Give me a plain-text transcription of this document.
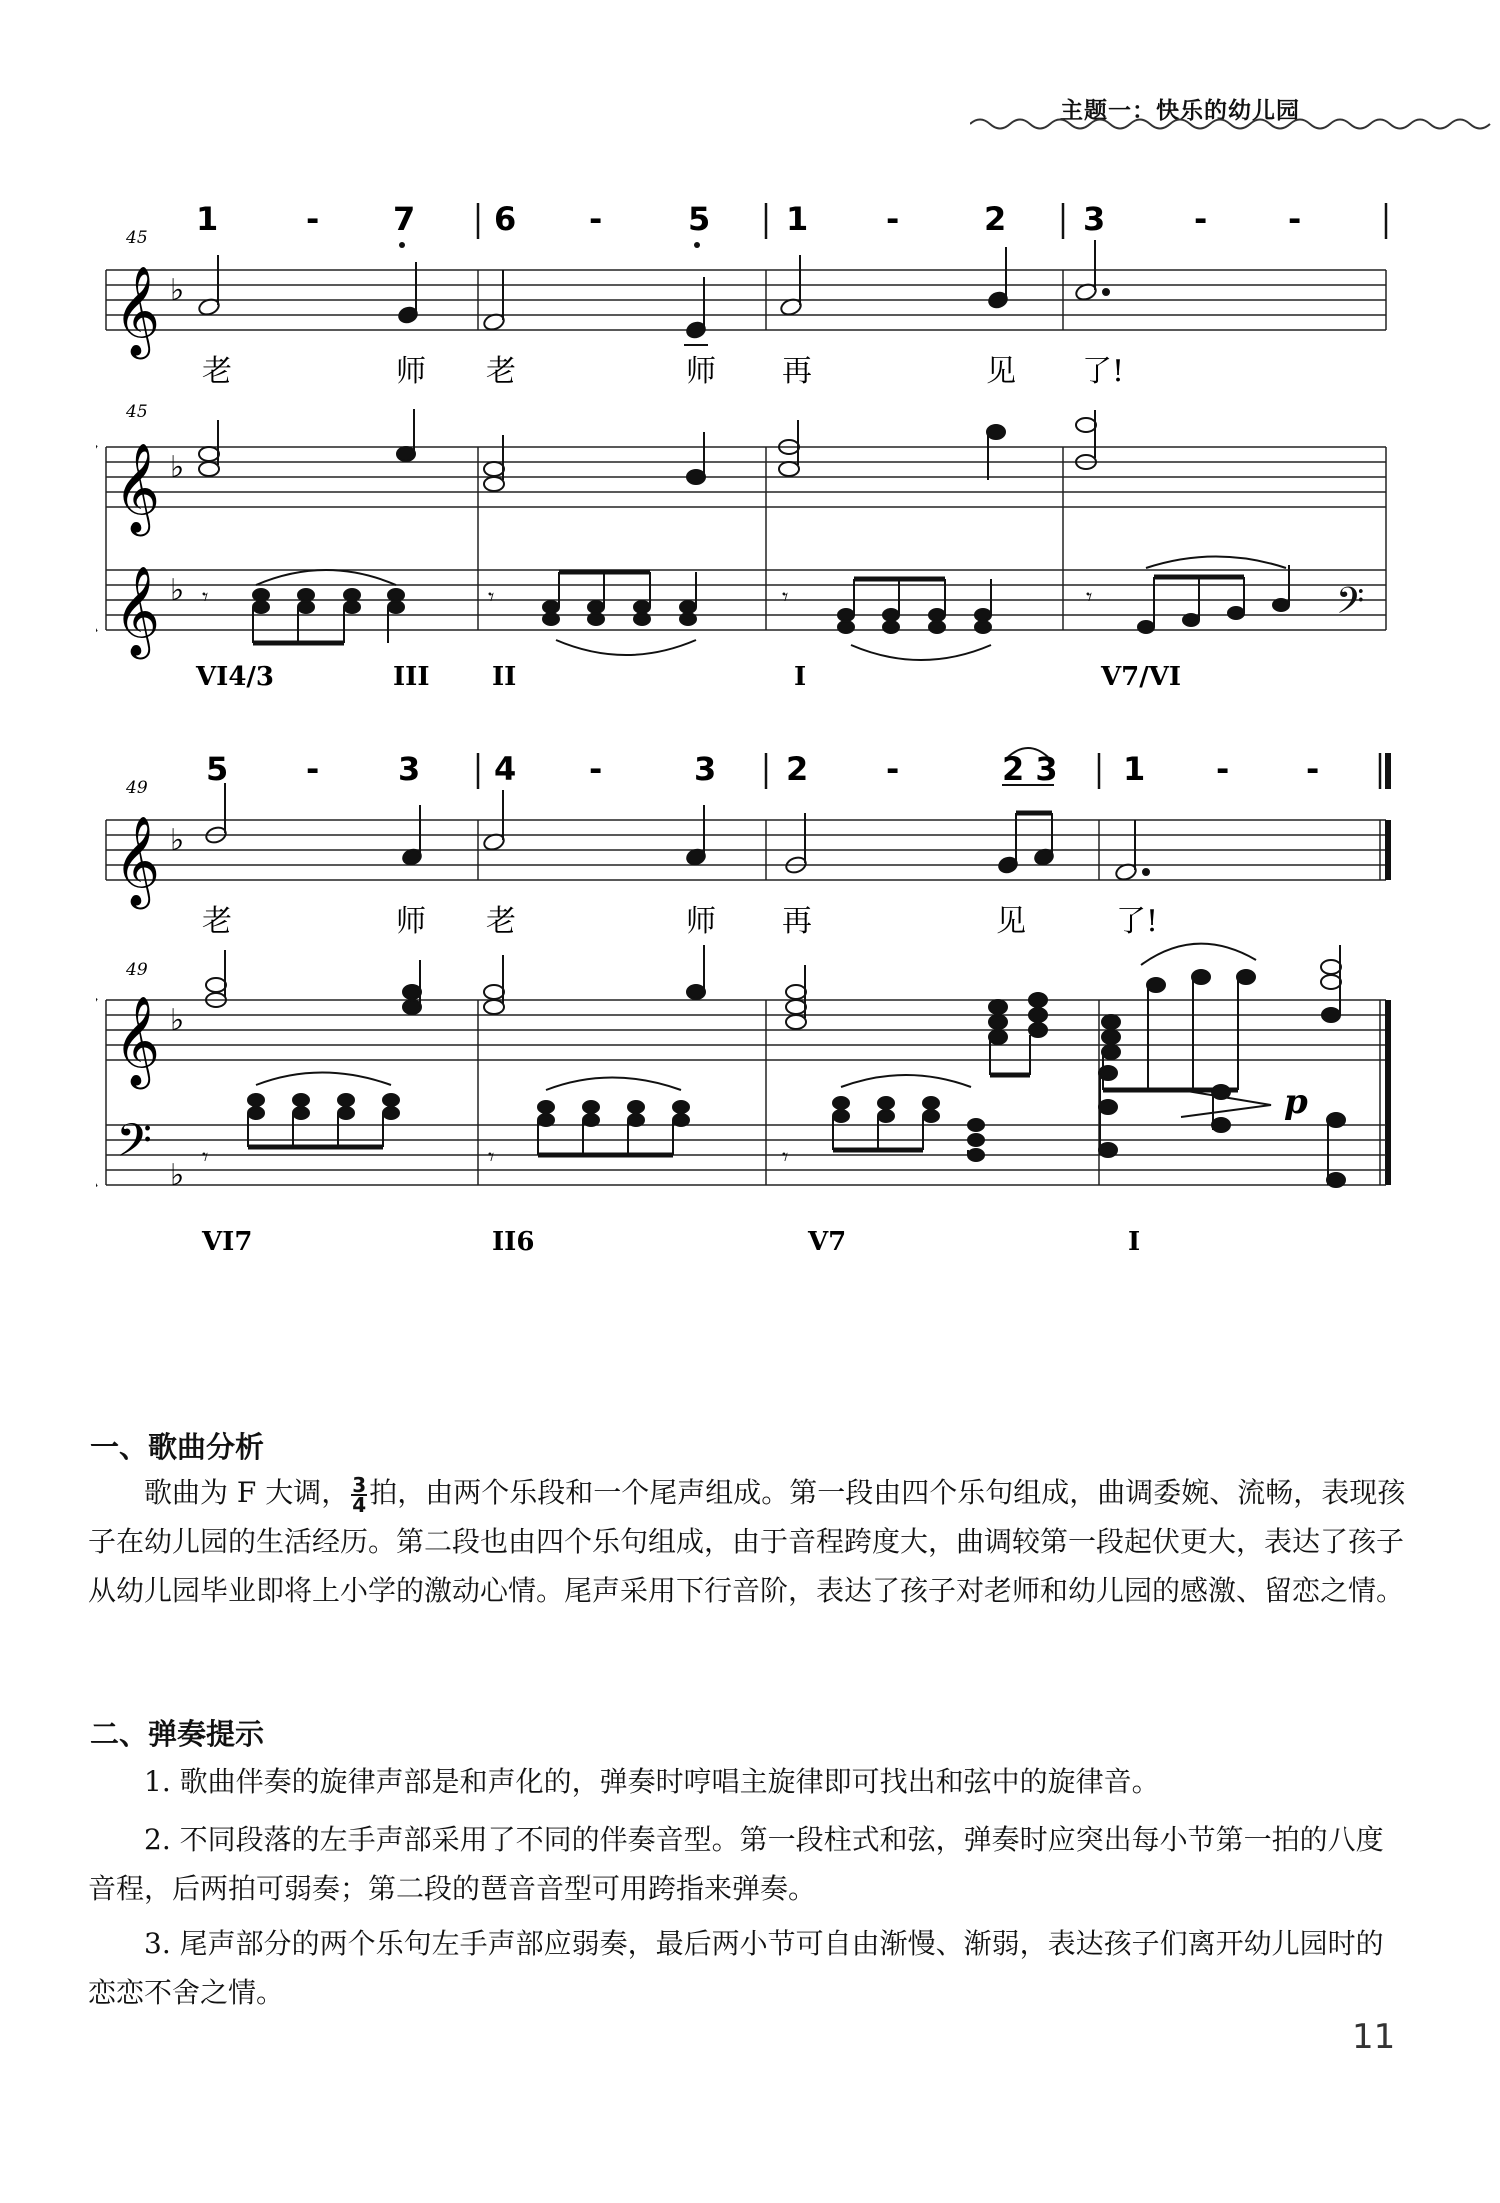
主题一：快乐的幼儿园
1	- 7 6 -	5 1 -	2 3	-	-
45
𝄞 ♭
老	师 老	师 再	见 了!
45
𝄞 ♭
𝄞 ♭ 𝄾	𝄾	𝄾	𝄾	𝄢
VI4/3	III II	I	V7/VI
5 - 3 4 -	3 2 -	2 3 1 - -
49
𝄞 ♭
老	师 老	师 再	见	了!
49
𝄞 ♭
p
𝄢 ♭
𝄾	𝄾	𝄾
VI7	II6	V7	I
一、歌曲分析

歌曲为 F 大调， $\frac{3}{4}$ 拍，由两个乐段和一个尾声组成。第一段由四个乐句组成，曲调委婉、流畅，表现孩子在幼儿园的生活经历。第二段也由四个乐句组成，由于音程跨度大，曲调较第一段起伏更大，表达了孩子从幼儿园毕业即将上小学的激动心情。尾声采用下行音阶，表达了孩子对老师和幼儿园的感激、留恋之情。

二、弹奏提示

1. 歌曲伴奏的旋律声部是和声化的，弹奏时哼唱主旋律即可找出和弦中的旋律音。

2. 不同段落的左手声部采用了不同的伴奏音型。第一段柱式和弦，弹奏时应突出每小节第一拍的八度音程，后两拍可弱奏；第二段的琶音音型可用跨指来弹奏。

3. 尾声部分的两个乐句左手声部应弱奏，最后两小节可自由渐慢、渐弱，表达孩子们离开幼儿园时的恋恋不舍之情。

11
